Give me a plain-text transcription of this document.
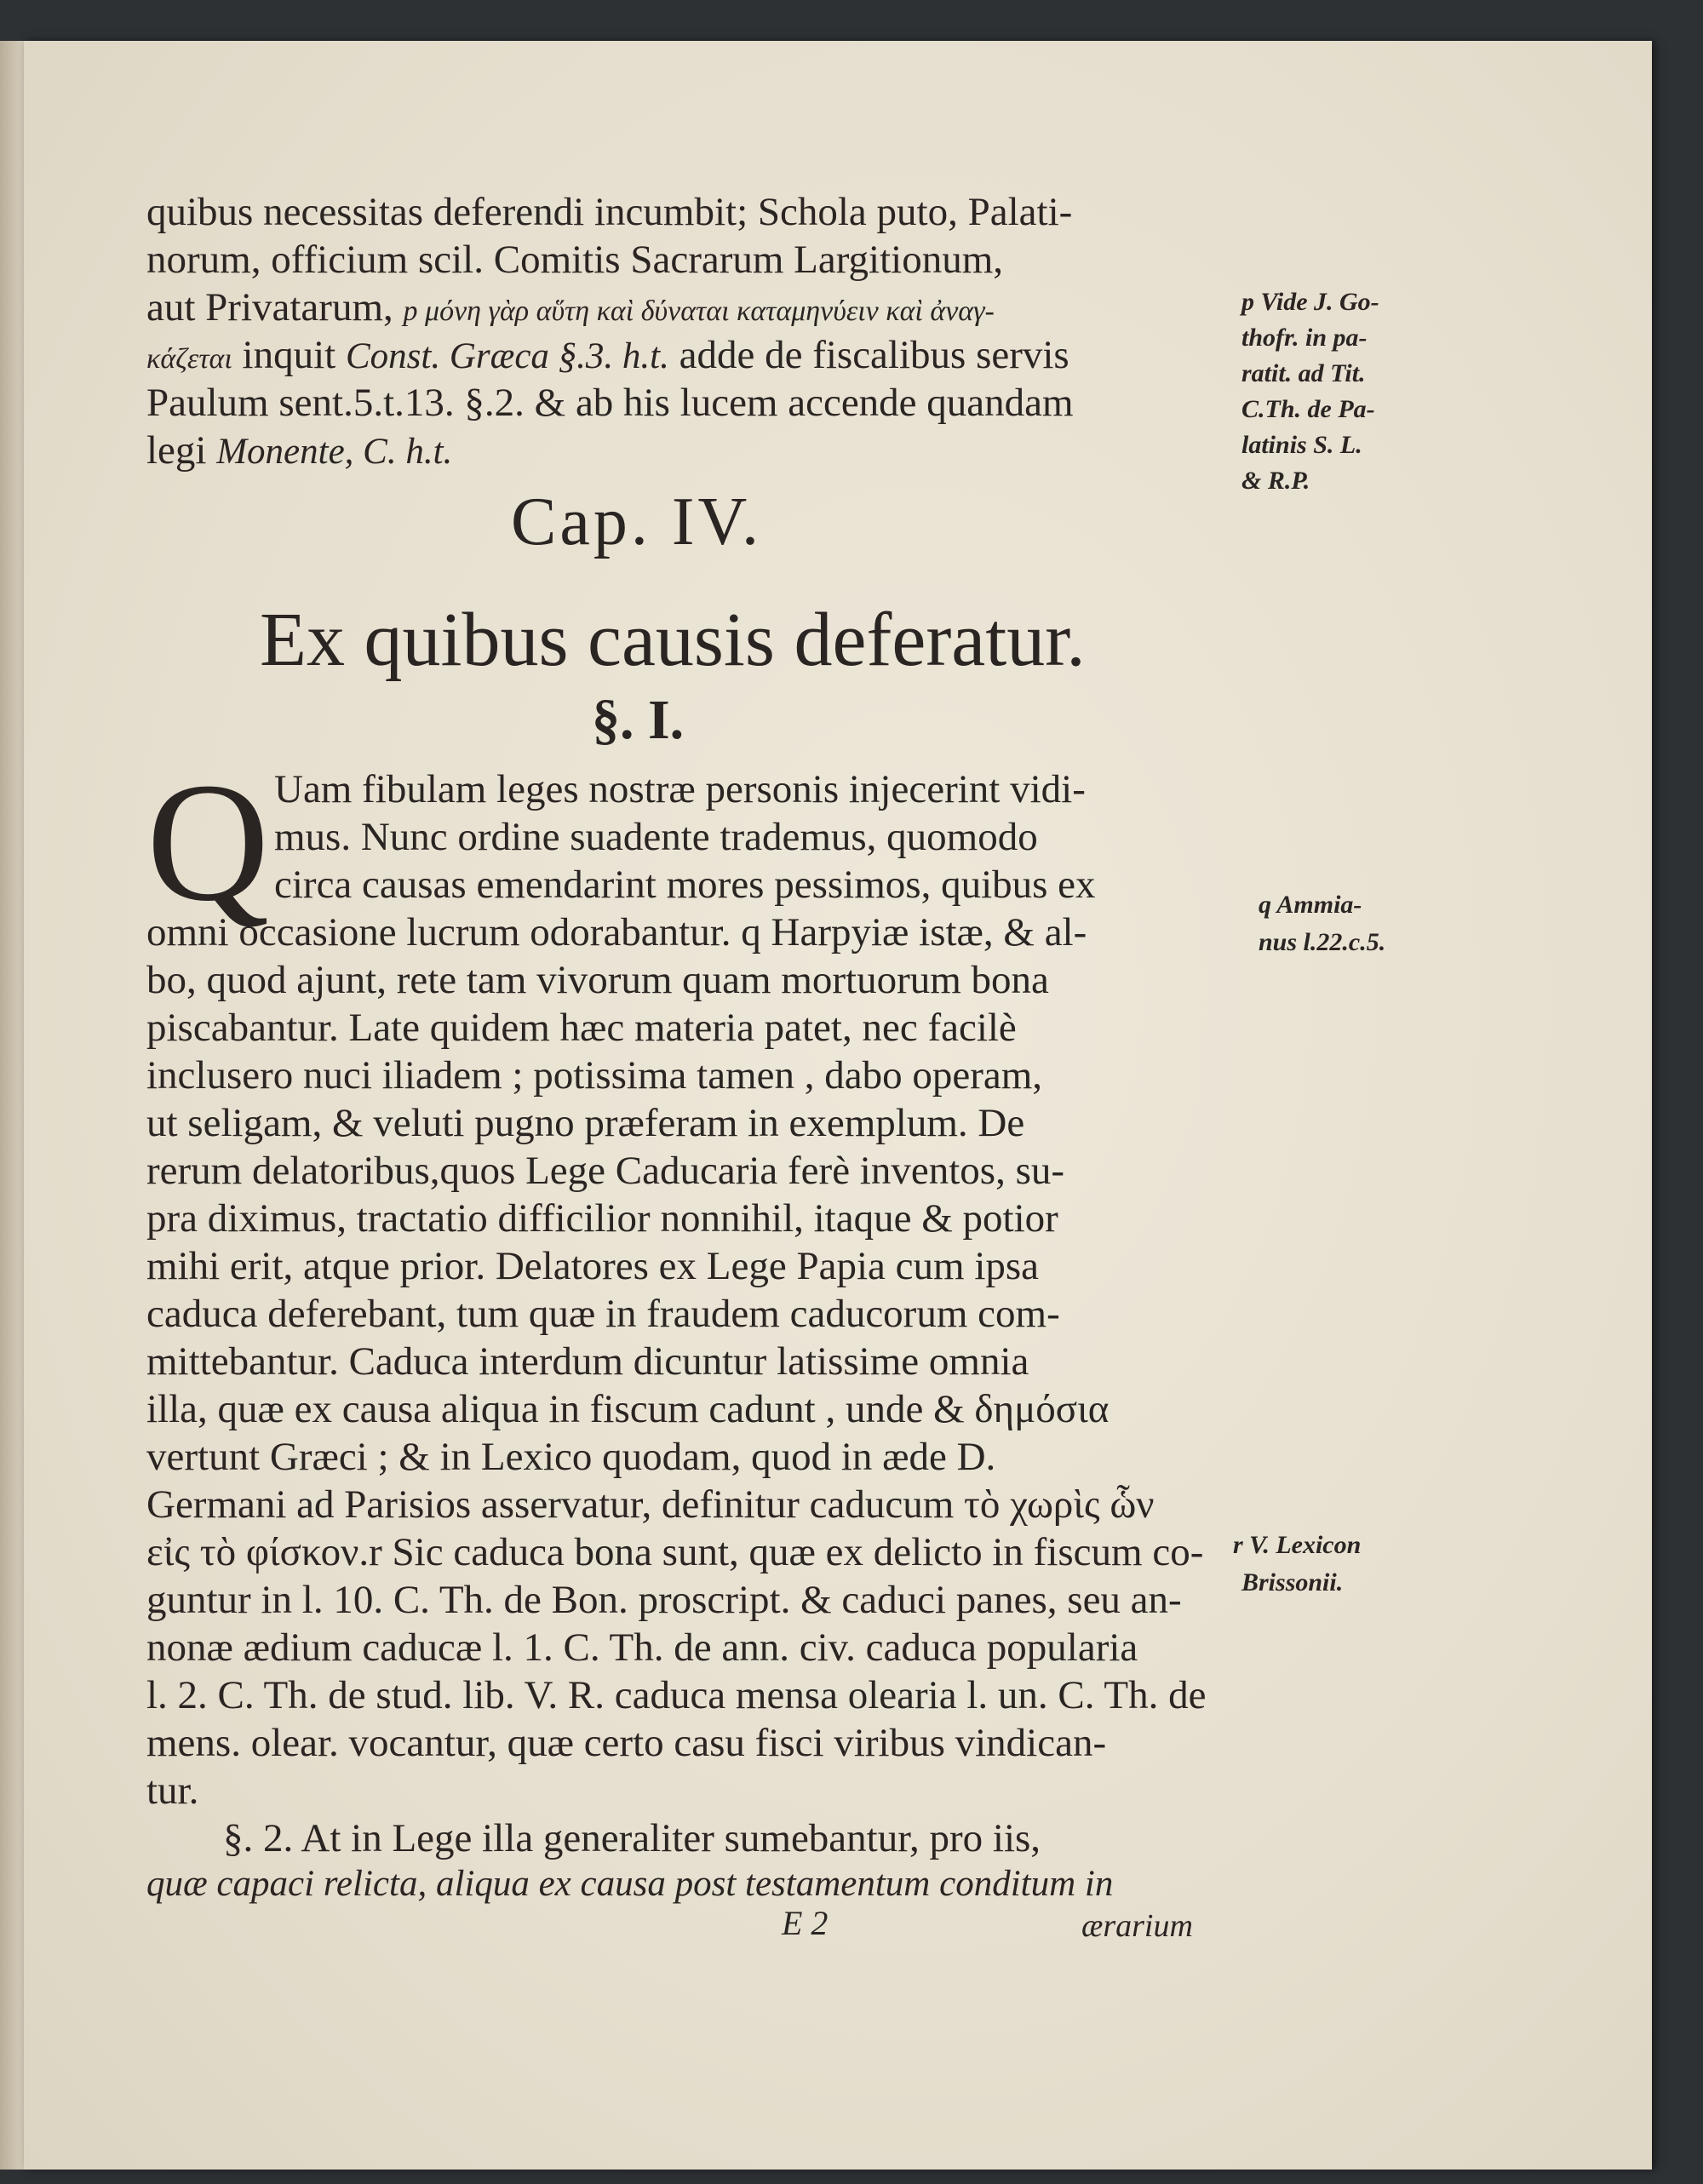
quibus necessitas deferendi incumbit; Schola puto, Palati-
norum, officium scil. Comitis Sacrarum Largitionum,
aut Privatarum, p μόνη γὰρ αὕτη καὶ δύναται καταμηνύειν καὶ ἀναγ-
κάζεται inquit Const. Græca §.3. h.t. adde de fiscalibus servis
Paulum sent.5.t.13. §.2. & ab his lucem accende quandam
legi Monente, C. h.t.
p Vide J. Go-
thofr. in pa-
ratit. ad Tit.
C.Th. de Pa-
latinis S. L.
& R.P.
Cap. IV.
Ex quibus causis deferatur.
§. I.
Q Uam fibulam leges nostræ personis injecerint vidi-
mus. Nunc ordine suadente trademus, quomodo
circa causas emendarint mores pessimos, quibus ex
omni occasione lucrum odorabantur. q Harpyiæ istæ, & al-
bo, quod ajunt, rete tam vivorum quam mortuorum bona
piscabantur. Late quidem hæc materia patet, nec facilè
inclusero nuci iliadem ; potissima tamen , dabo operam,
ut seligam, & veluti pugno præferam in exemplum. De
rerum delatoribus,quos Lege Caducaria ferè inventos, su-
pra diximus, tractatio difficilior nonnihil, itaque & potior
mihi erit, atque prior. Delatores ex Lege Papia cum ipsa
caduca deferebant, tum quæ in fraudem caducorum com-
mittebantur. Caduca interdum dicuntur latissime omnia
illa, quæ ex causa aliqua in fiscum cadunt , unde & δημόσια
vertunt Græci ; & in Lexico quodam, quod in æde D.
Germani ad Parisios asservatur, definitur caducum τὸ χωρὶς ὧν
εἰς τὸ φίσκον.r Sic caduca bona sunt, quæ ex delicto in fiscum co-
guntur in l. 10. C. Th. de Bon. proscript. & caduci panes, seu an-
nonæ ædium caducæ l. 1. C. Th. de ann. civ. caduca popularia
l. 2. C. Th. de stud. lib. V. R. caduca mensa olearia l. un. C. Th. de
mens. olear. vocantur, quæ certo casu fisci viribus vindican-
tur.
§. 2. At in Lege illa generaliter sumebantur, pro iis,
quæ capaci relicta, aliqua ex causa post testamentum conditum in
q Ammia-
nus l.22.c.5.
r V. Lexicon
Brissonii.
E 2	ærarium
